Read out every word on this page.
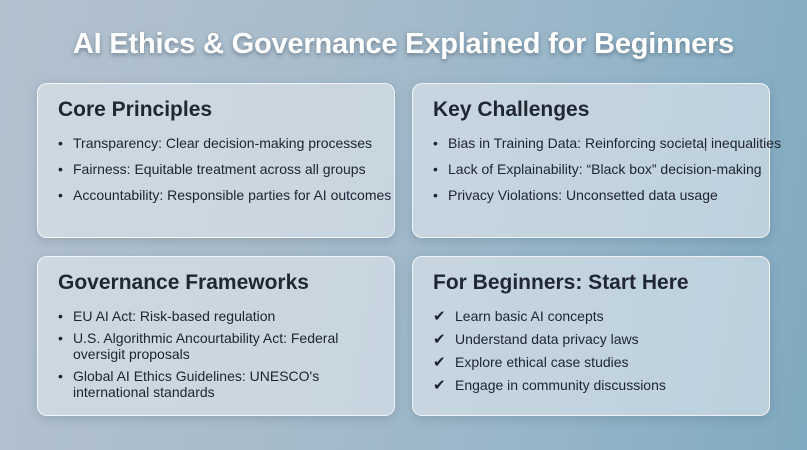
AI Ethics & Governance Explained for Beginners
Core Principles
• Transparency: Clear decision-making processes
• Fairness: Equitable treatment across all groups
• Accountability: Responsible parties for AI outcomes
Key Challenges
• Bias in Training Data: Reinforcing societaļ inequalities
• Lack of Explainability: “Black box” decision-making
• Privacy Violations: Unconsetted data usage
Governance Frameworks
• EU AI Act: Risk-based regulation
• U.S. Algorithmic Ancourtability Act: Federal oversigit proposals
• Global AI Ethics Guidelines: UNESCO's international standards
For Beginners: Start Here
✔ Learn basic AI concepts
✔ Understand data privacy laws
✔ Explore ethical case studies
✔ Engage in community discussions
